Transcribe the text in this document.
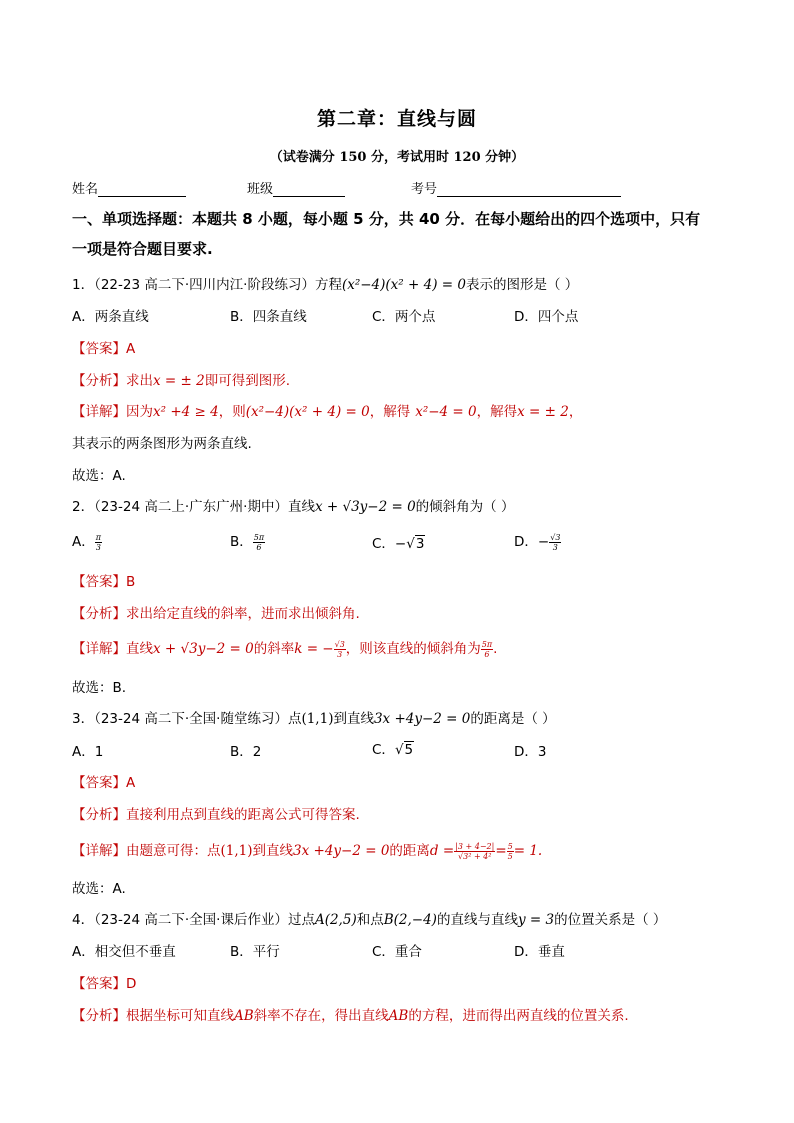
第二章：直线与圆
（试卷满分 150 分，考试用时 120 分钟）
姓名	班级	考号
一、单项选择题：本题共 8 小题，每小题 5 分，共 40 分．在每小题给出的四个选项中，只有
一项是符合题目要求.
1．（22-23 高二下·四川内江·阶段练习）方程(x²−4)(x² + 4) = 0表示的图形是（ ）
A．两条直线	B．四条直线	C．两个点	D．四个点
【答案】A
【分析】求出x = ± 2即可得到图形.
【详解】因为x² +4 ≥ 4，则(x²−4)(x² + 4) = 0，解得 x²−4 = 0，解得x = ± 2，
其表示的两条图形为两条直线.
故选：A.
2．（23-24 高二上·广东广州·期中）直线x + √3y−2 = 0的倾斜角为（ ）
A． $\frac{\pi}{3}$	B． $\frac{5\pi}{6}$	C．−√3	D．− $\frac{√3}{3}$
【答案】B
【分析】求出给定直线的斜率，进而求出倾斜角.
【详解】直线x + √3y−2 = 0的斜率k = − $\frac{√3}{3}$ ，则该直线的倾斜角为 $\frac{5\pi}{6}$ .
故选：B.
3．（23-24 高二下·全国·随堂练习）点(1,1)到直线3x +4y−2 = 0的距离是（ ）
A．1	B．2	C．√5	D．3
【答案】A
【分析】直接利用点到直线的距离公式可得答案.
【详解】由题意可得：点(1,1)到直线3x +4y−2 = 0的距离$d = \frac{|3 + 4-2|}{\text{√3² + 4²}} = \frac{5}{5} = 1$.
故选：A.
4．（23-24 高二下·全国·课后作业）过点A(2,5)和点B(2,−4)的直线与直线y = 3的位置关系是（ ）
A．相交但不垂直	B．平行	C．重合	D．垂直
【答案】D
【分析】根据坐标可知直线AB斜率不存在，得出直线AB的方程，进而得出两直线的位置关系.
